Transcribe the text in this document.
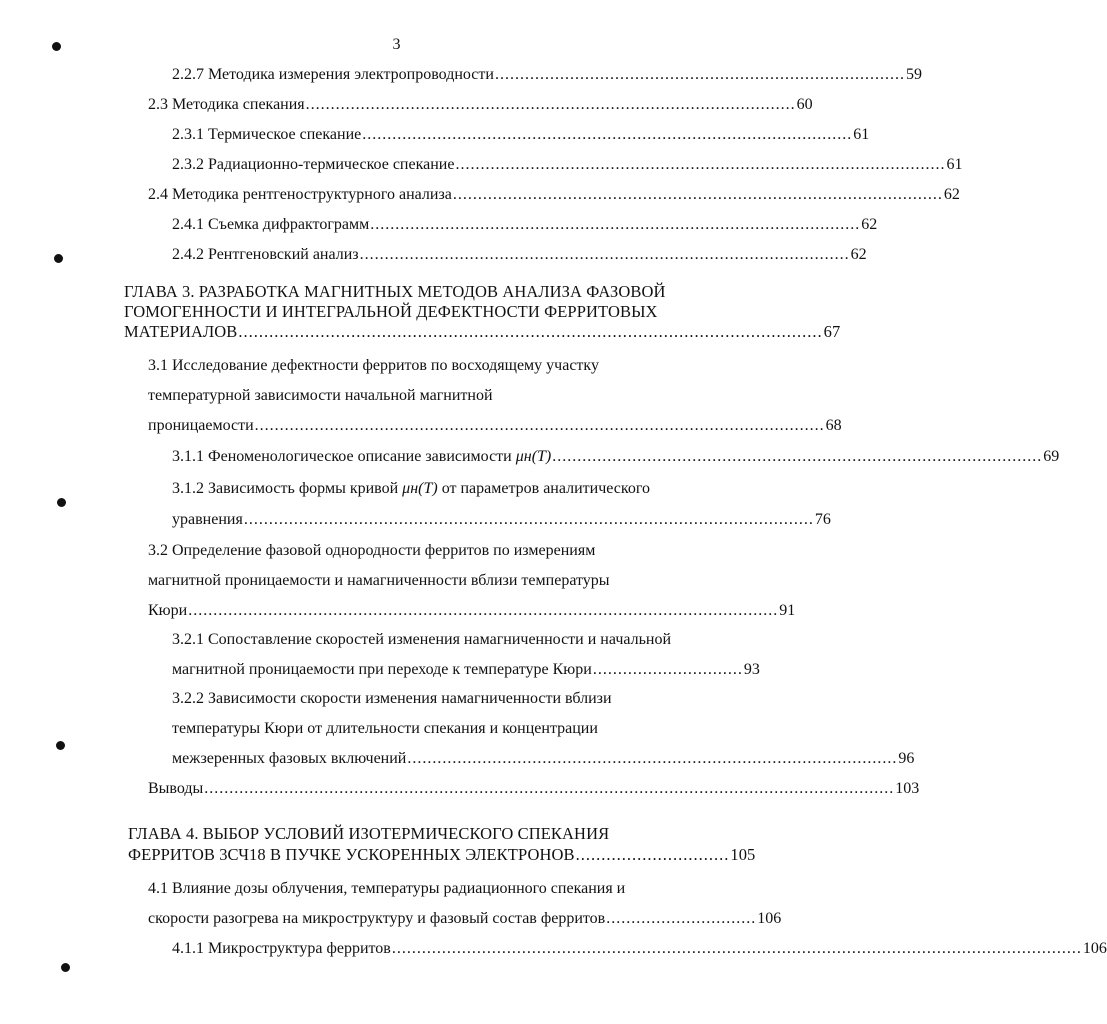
3
2.2.7 Методика измерения электропроводности .................................................................................. 59
2.3 Методика спекания .................................................................................................. 60
2.3.1 Термическое спекание .................................................................................................. 61
2.3.2 Радиационно-термическое спекание .................................................................................................. 61
2.4 Методика рентгеноструктурного анализа .................................................................................................. 62
2.4.1 Съемка дифрактограмм .................................................................................................. 62
2.4.2 Рентгеновский анализ .................................................................................................. 62
ГЛАВА 3. РАЗРАБОТКА МАГНИТНЫХ МЕТОДОВ АНАЛИЗА ФАЗОВОЙ
ГОМОГЕННОСТИ И ИНТЕГРАЛЬНОЙ ДЕФЕКТНОСТИ ФЕРРИТОВЫХ
МАТЕРИАЛОВ .................................................................................................................. 67
3.1 Исследование дефектности ферритов по восходящему участку
температурной зависимости начальной магнитной
проницаемости .................................................................................................................. 68
3.1.1 Феноменологическое описание зависимости μн(T) .................................................................................................. 69
3.1.2 Зависимость формы кривой μн(T) от параметров аналитического
уравнения .................................................................................................................. 76
3.2 Определение фазовой однородности ферритов по измерениям
магнитной проницаемости и намагниченности вблизи температуры
Кюри ...................................................................................................................... 91
3.2.1 Сопоставление скоростей изменения намагниченности и начальной
магнитной проницаемости при переходе к температуре Кюри .............................. 93
3.2.2 Зависимости скорости изменения намагниченности вблизи
температуры Кюри от длительности спекания и концентрации
межзеренных фазовых включений .................................................................................................. 96
Выводы .......................................................................................................................................... 103
ГЛАВА 4. ВЫБОР УСЛОВИЙ ИЗОТЕРМИЧЕСКОГО СПЕКАНИЯ
ФЕРРИТОВ 3СЧ18 В ПУЧКЕ УСКОРЕННЫХ ЭЛЕКТРОНОВ .............................. 105
4.1 Влияние дозы облучения, температуры радиационного спекания и
скорости разогрева на микроструктуру и фазовый состав ферритов .............................. 106
4.1.1 Микроструктура ферритов .......................................................................................................................................... 106
